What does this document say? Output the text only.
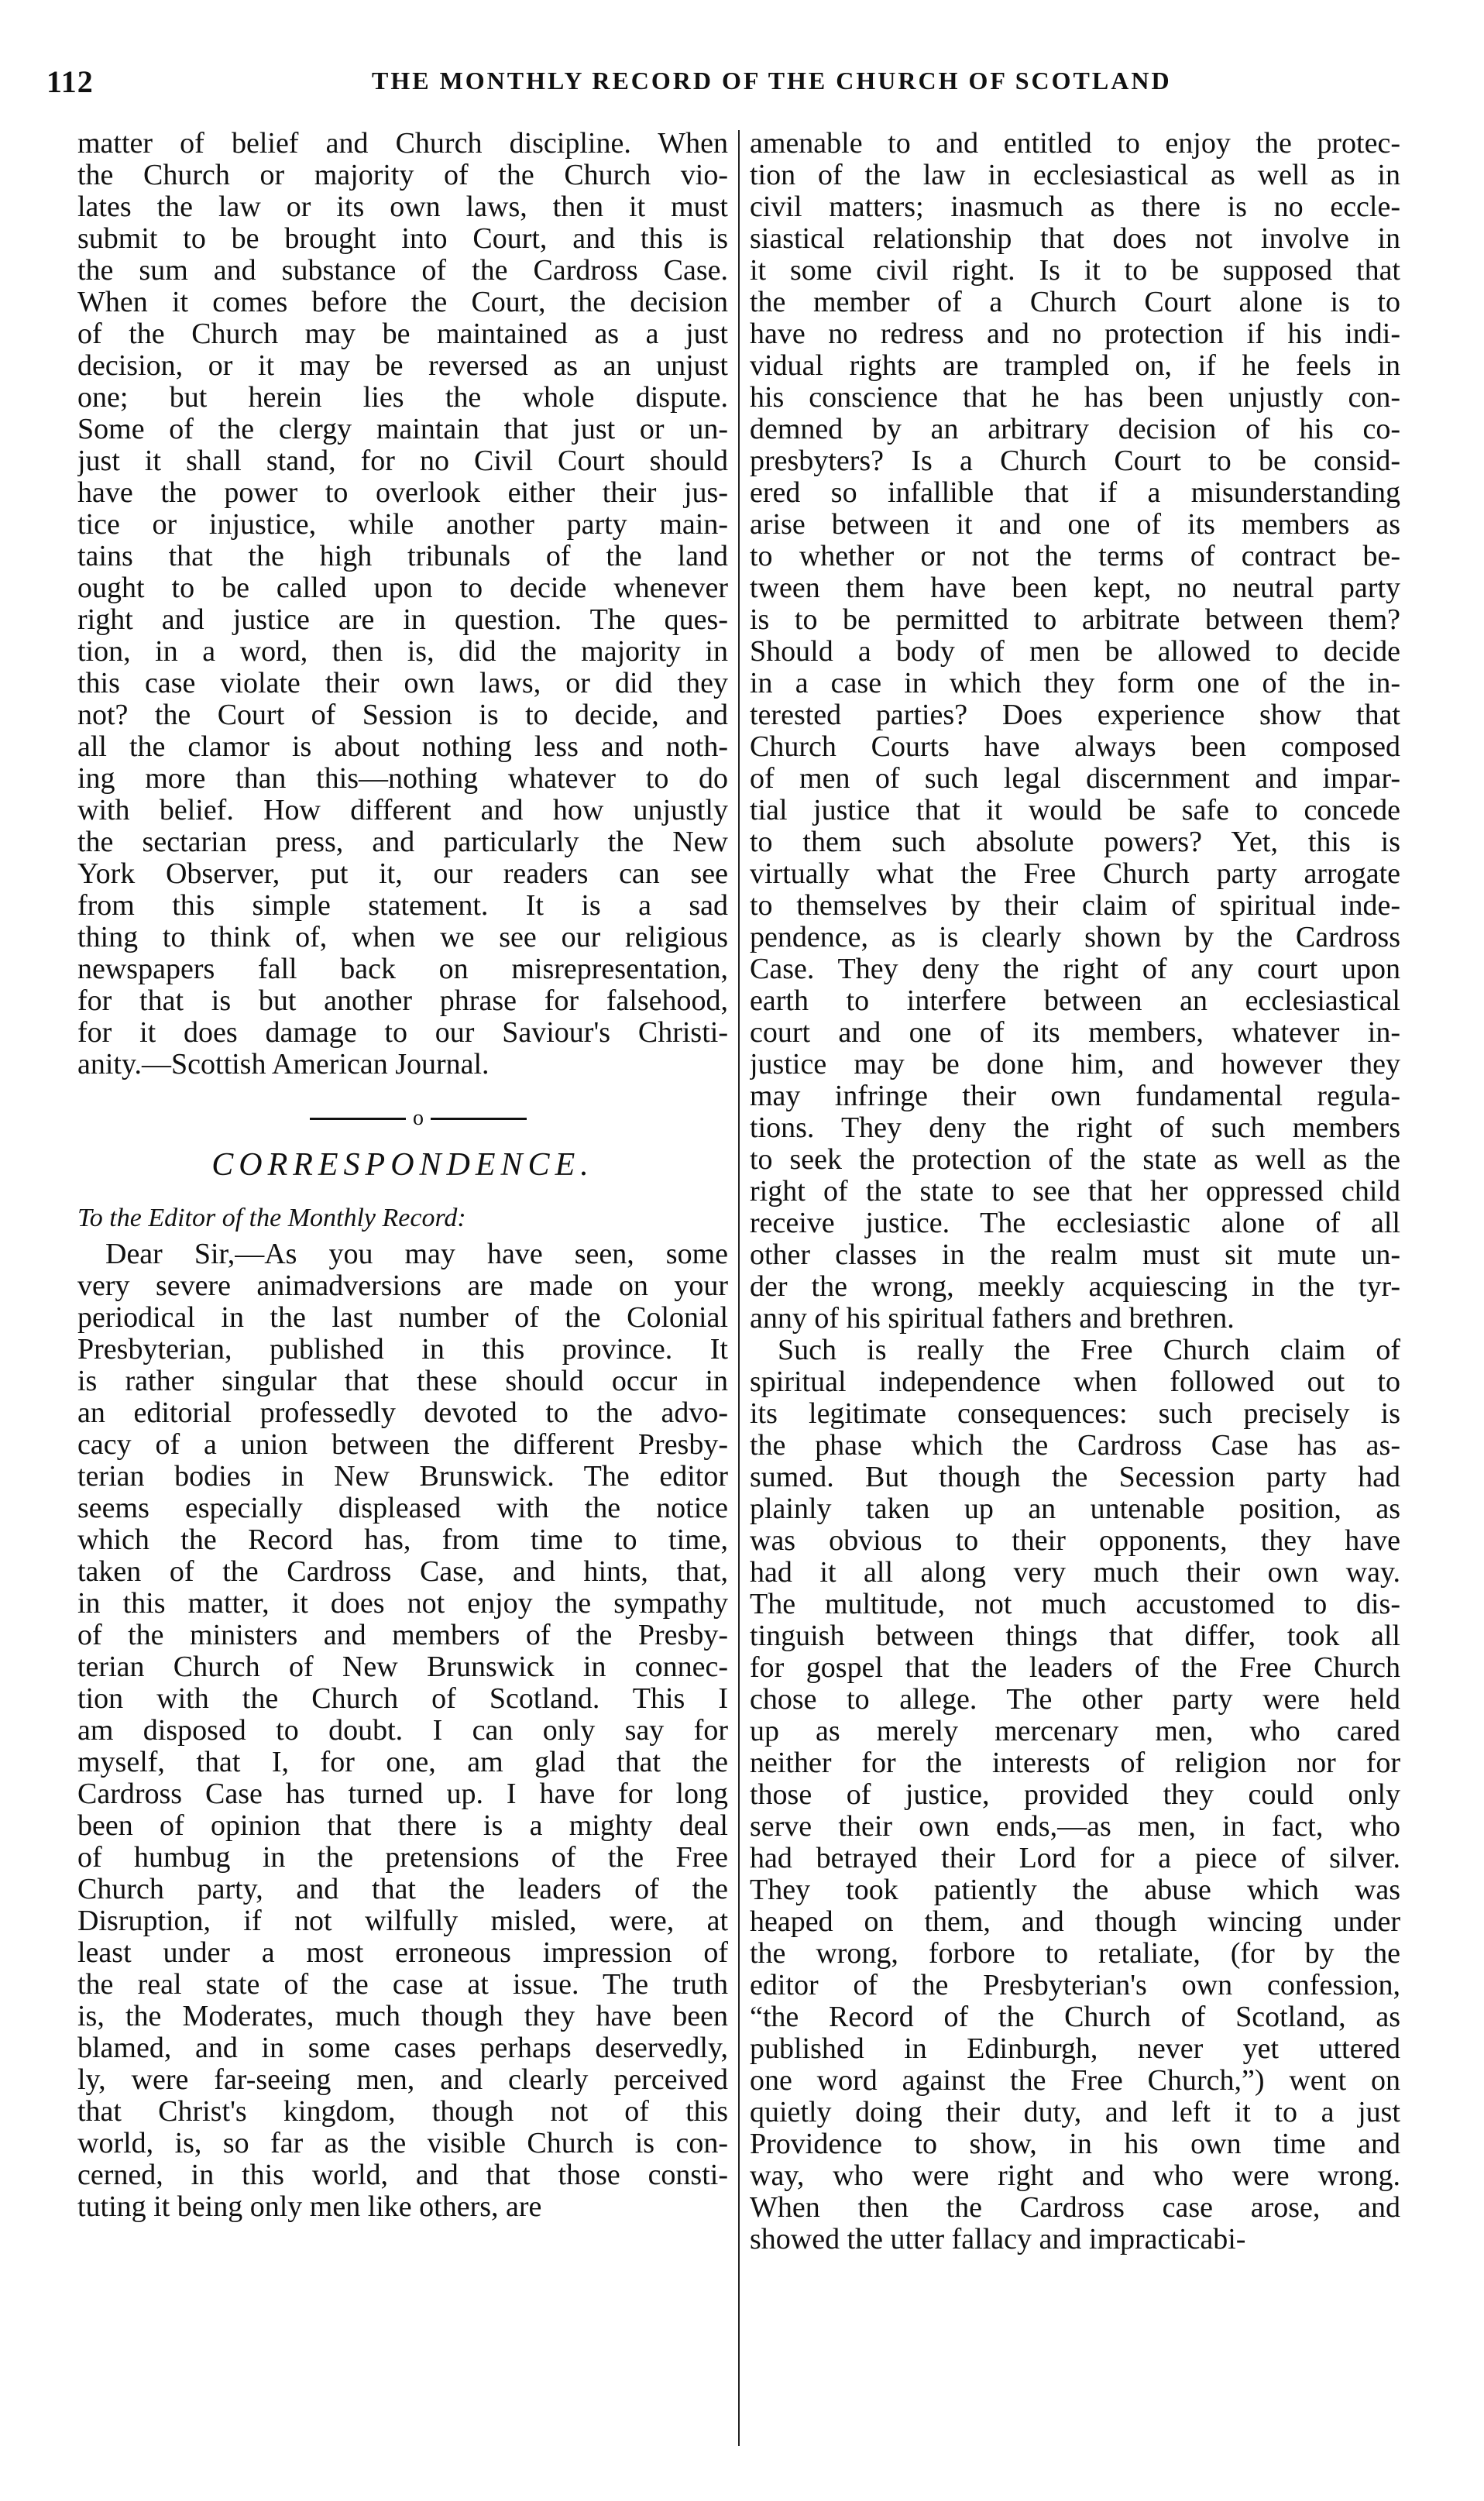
112	THE MONTHLY RECORD OF THE CHURCH OF SCOTLAND
matter of belief and Church discipline. When
the Church or majority of the Church vio-
lates the law or its own laws, then it must
submit to be brought into Court, and this is
the sum and substance of the Cardross Case.
When it comes before the Court, the decision
of the Church may be maintained as a just
decision, or it may be reversed as an unjust
one; but herein lies the whole dispute.
Some of the clergy maintain that just or un-
just it shall stand, for no Civil Court should
have the power to overlook either their jus-
tice or injustice, while another party main-
tains that the high tribunals of the land
ought to be called upon to decide whenever
right and justice are in question. The ques-
tion, in a word, then is, did the majority in
this case violate their own laws, or did they
not? the Court of Session is to decide, and
all the clamor is about nothing less and noth-
ing more than this—nothing whatever to do
with belief. How different and how unjustly
the sectarian press, and particularly the New
York Observer, put it, our readers can see
from this simple statement. It is a sad
thing to think of, when we see our religious
newspapers fall back on misrepresentation,
for that is but another phrase for falsehood,
for it does damage to our Saviour's Christi-
anity.—Scottish American Journal.
o
CORRESPONDENCE.
To the Editor of the Monthly Record:
Dear Sir,—As you may have seen, some
very severe animadversions are made on your
periodical in the last number of the Colonial
Presbyterian, published in this province. It
is rather singular that these should occur in
an editorial professedly devoted to the advo-
cacy of a union between the different Presby-
terian bodies in New Brunswick. The editor
seems especially displeased with the notice
which the Record has, from time to time,
taken of the Cardross Case, and hints, that,
in this matter, it does not enjoy the sympathy
of the ministers and members of the Presby-
terian Church of New Brunswick in connec-
tion with the Church of Scotland. This I
am disposed to doubt. I can only say for
myself, that I, for one, am glad that the
Cardross Case has turned up. I have for long
been of opinion that there is a mighty deal
of humbug in the pretensions of the Free
Church party, and that the leaders of the
Disruption, if not wilfully misled, were, at
least under a most erroneous impression of
the real state of the case at issue. The truth
is, the Moderates, much though they have been
blamed, and in some cases perhaps deservedly,
ly, were far-seeing men, and clearly perceived
that Christ's kingdom, though not of this
world, is, so far as the visible Church is con-
cerned, in this world, and that those consti-
tuting it being only men like others, are
amenable to and entitled to enjoy the protec-
tion of the law in ecclesiastical as well as in
civil matters; inasmuch as there is no eccle-
siastical relationship that does not involve in
it some civil right. Is it to be supposed that
the member of a Church Court alone is to
have no redress and no protection if his indi-
vidual rights are trampled on, if he feels in
his conscience that he has been unjustly con-
demned by an arbitrary decision of his co-
presbyters? Is a Church Court to be consid-
ered so infallible that if a misunderstanding
arise between it and one of its members as
to whether or not the terms of contract be-
tween them have been kept, no neutral party
is to be permitted to arbitrate between them?
Should a body of men be allowed to decide
in a case in which they form one of the in-
terested parties? Does experience show that
Church Courts have always been composed
of men of such legal discernment and impar-
tial justice that it would be safe to concede
to them such absolute powers? Yet, this is
virtually what the Free Church party arrogate
to themselves by their claim of spiritual inde-
pendence, as is clearly shown by the Cardross
Case. They deny the right of any court upon
earth to interfere between an ecclesiastical
court and one of its members, whatever in-
justice may be done him, and however they
may infringe their own fundamental regula-
tions. They deny the right of such members
to seek the protection of the state as well as the
right of the state to see that her oppressed child
receive justice. The ecclesiastic alone of all
other classes in the realm must sit mute un-
der the wrong, meekly acquiescing in the tyr-
anny of his spiritual fathers and brethren.
Such is really the Free Church claim of
spiritual independence when followed out to
its legitimate consequences: such precisely is
the phase which the Cardross Case has as-
sumed. But though the Secession party had
plainly taken up an untenable position, as
was obvious to their opponents, they have
had it all along very much their own way.
The multitude, not much accustomed to dis-
tinguish between things that differ, took all
for gospel that the leaders of the Free Church
chose to allege. The other party were held
up as merely mercenary men, who cared
neither for the interests of religion nor for
those of justice, provided they could only
serve their own ends,—as men, in fact, who
had betrayed their Lord for a piece of silver.
They took patiently the abuse which was
heaped on them, and though wincing under
the wrong, forbore to retaliate, (for by the
editor of the Presbyterian's own confession,
“the Record of the Church of Scotland, as
published in Edinburgh, never yet uttered
one word against the Free Church,”) went on
quietly doing their duty, and left it to a just
Providence to show, in his own time and
way, who were right and who were wrong.
When then the Cardross case arose, and
showed the utter fallacy and impracticabi-
